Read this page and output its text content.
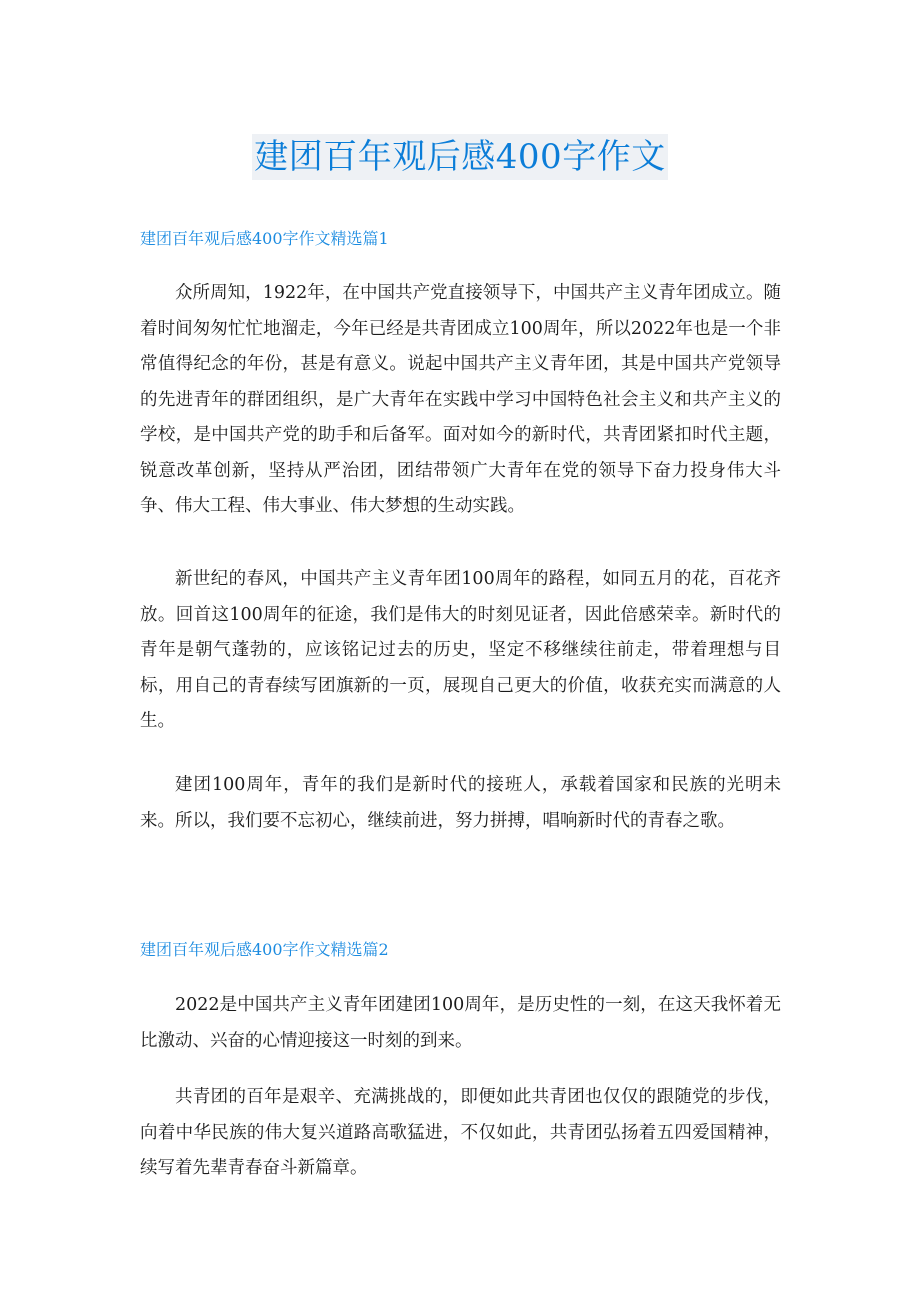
建团百年观后感400字作文
建团百年观后感400字作文精选篇1

众所周知，1922年，在中国共产党直接领导下，中国共产主义青年团成立。随着时间匆匆忙忙地溜走，今年已经是共青团成立100周年，所以2022年也是一个非常值得纪念的年份，甚是有意义。说起中国共产主义青年团，其是中国共产党领导的先进青年的群团组织，是广大青年在实践中学习中国特色社会主义和共产主义的学校，是中国共产党的助手和后备军。面对如今的新时代，共青团紧扣时代主题，锐意改革创新，坚持从严治团，团结带领广大青年在党的领导下奋力投身伟大斗争、伟大工程、伟大事业、伟大梦想的生动实践。

新世纪的春风，中国共产主义青年团100周年的路程，如同五月的花，百花齐放。回首这100周年的征途，我们是伟大的时刻见证者，因此倍感荣幸。新时代的青年是朝气蓬勃的，应该铭记过去的历史，坚定不移继续往前走，带着理想与目标，用自己的青春续写团旗新的一页，展现自己更大的价值，收获充实而满意的人生。

建团100周年，青年的我们是新时代的接班人，承载着国家和民族的光明未来。所以，我们要不忘初心，继续前进，努力拼搏，唱响新时代的青春之歌。

建团百年观后感400字作文精选篇2

2022是中国共产主义青年团建团100周年，是历史性的一刻，在这天我怀着无比激动、兴奋的心情迎接这一时刻的到来。

共青团的百年是艰辛、充满挑战的，即便如此共青团也仅仅的跟随党的步伐，向着中华民族的伟大复兴道路高歌猛进，不仅如此，共青团弘扬着五四爱国精神，续写着先辈青春奋斗新篇章。
